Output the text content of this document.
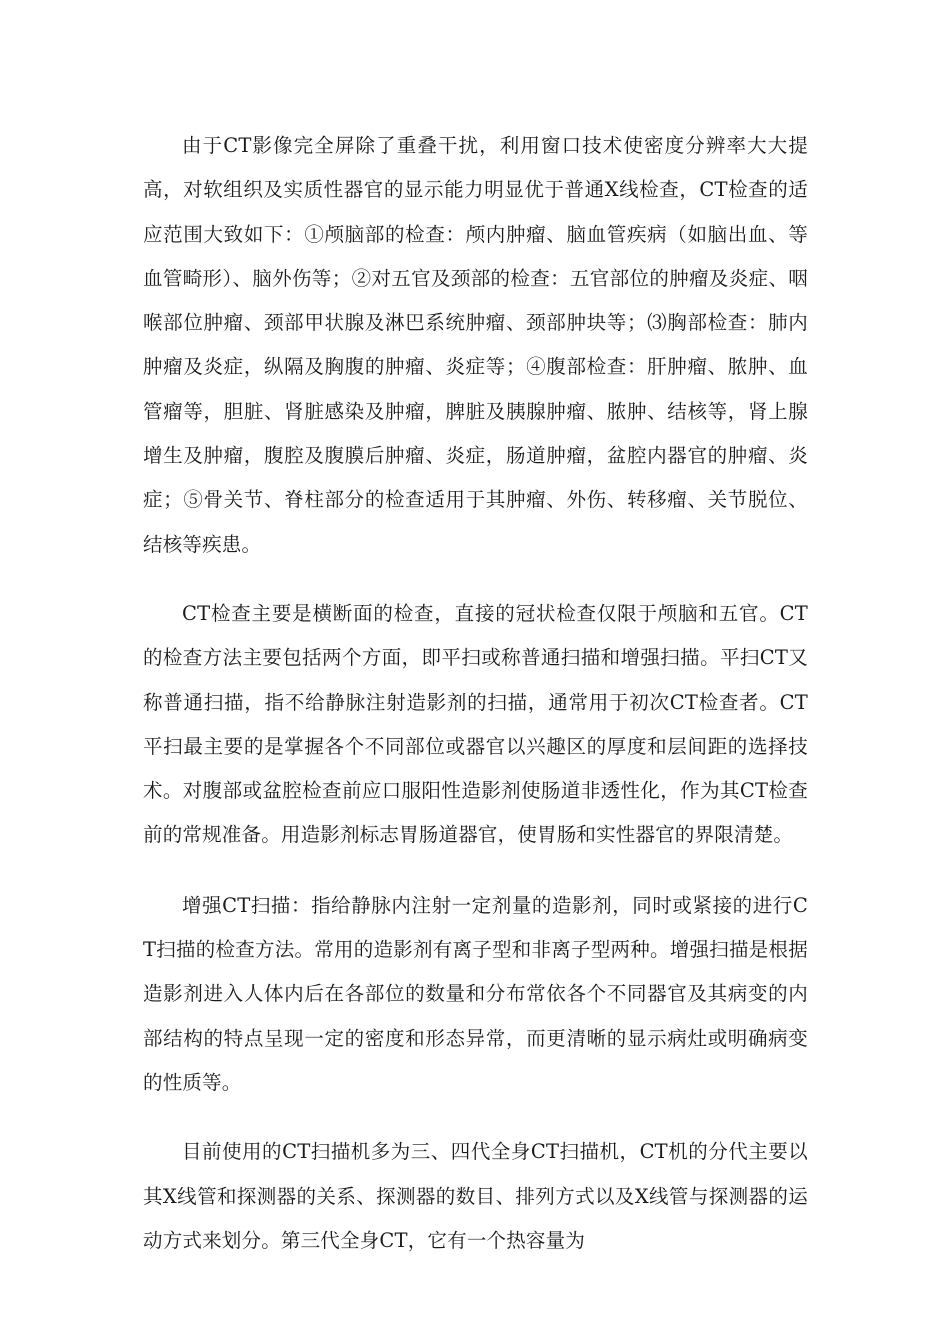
由于CT影像完全屏除了重叠干扰，利用窗口技术使密度分辨率大大提高，对软组织及实质性器官的显示能力明显优于普通X线检查，CT检查的适应范围大致如下：①颅脑部的检查：颅内肿瘤、脑血管疾病（如脑出血、等血管畸形）、脑外伤等；②对五官及颈部的检查：五官部位的肿瘤及炎症、咽喉部位肿瘤、颈部甲状腺及淋巴系统肿瘤、颈部肿块等；⑶胸部检查：肺内肿瘤及炎症，纵隔及胸腹的肿瘤、炎症等；④腹部检查：肝肿瘤、脓肿、血管瘤等，胆脏、肾脏感染及肿瘤，脾脏及胰腺肿瘤、脓肿、结核等，肾上腺增生及肿瘤，腹腔及腹膜后肿瘤、炎症，肠道肿瘤，盆腔内器官的肿瘤、炎症；⑤骨关节、脊柱部分的检查适用于其肿瘤、外伤、转移瘤、关节脱位、结核等疾患。

CT检查主要是横断面的检查，直接的冠状检查仅限于颅脑和五官。CT的检查方法主要包括两个方面，即平扫或称普通扫描和增强扫描。平扫CT又称普通扫描，指不给静脉注射造影剂的扫描，通常用于初次CT检查者。CT平扫最主要的是掌握各个不同部位或器官以兴趣区的厚度和层间距的选择技术。对腹部或盆腔检查前应口服阳性造影剂使肠道非透性化，作为其CT检查前的常规准备。用造影剂标志胃肠道器官，使胃肠和实性器官的界限清楚。

增强CT扫描：指给静脉内注射一定剂量的造影剂，同时或紧接的进行CT扫描的检查方法。常用的造影剂有离子型和非离子型两种。增强扫描是根据造影剂进入人体内后在各部位的数量和分布常依各个不同器官及其病变的内部结构的特点呈现一定的密度和形态异常，而更清晰的显示病灶或明确病变的性质等。

目前使用的CT扫描机多为三、四代全身CT扫描机，CT机的分代主要以其X线管和探测器的关系、探测器的数目、排列方式以及X线管与探测器的运动方式来划分。第三代全身CT，它有一个热容量为
